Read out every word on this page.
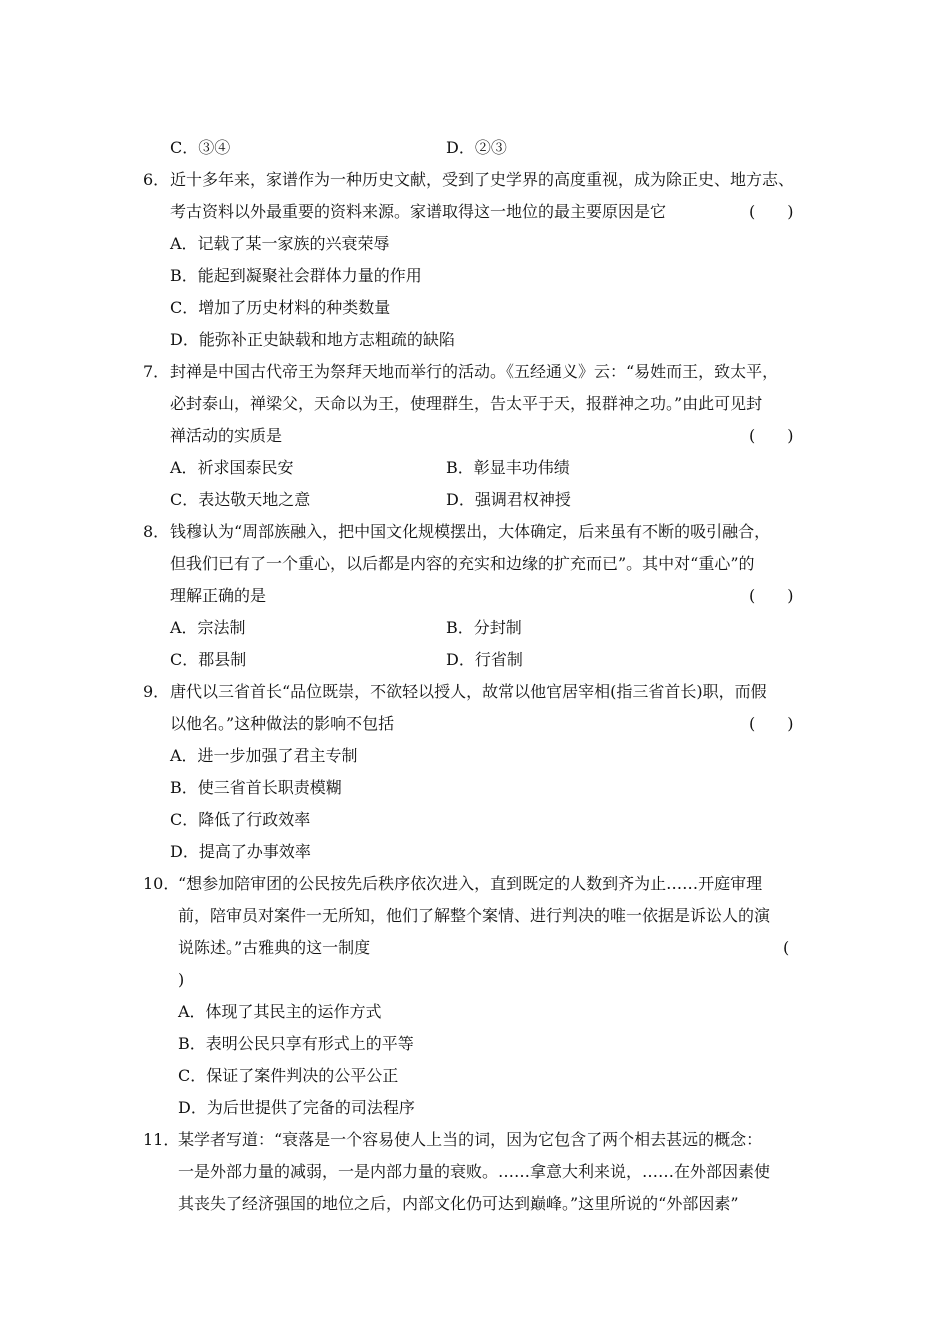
C．③④	D．②③
6． 近十多年来，家谱作为一种历史文献，受到了史学界的高度重视，成为除正史、地方志、
考古资料以外最重要的资料来源。家谱取得这一地位的最主要原因是它	(　　)
A．记载了某一家族的兴衰荣辱
B．能起到凝聚社会群体力量的作用
C．增加了历史材料的种类数量
D．能弥补正史缺载和地方志粗疏的缺陷
7． 封禅是中国古代帝王为祭拜天地而举行的活动。《五经通义》云：“易姓而王，致太平，
必封泰山，禅梁父，天命以为王，使理群生，告太平于天，报群神之功。”由此可见封
禅活动的实质是	(　　)
A．祈求国泰民安	B．彰显丰功伟绩
C．表达敬天地之意	D．强调君权神授
8． 钱穆认为“周部族融入，把中国文化规模摆出，大体确定，后来虽有不断的吸引融合，
但我们已有了一个重心，以后都是内容的充实和边缘的扩充而已”。其中对“重心”的
理解正确的是	(　　)
A．宗法制	B．分封制
C．郡县制	D．行省制
9． 唐代以三省首长“品位既崇，不欲轻以授人，故常以他官居宰相(指三省首长)职，而假
以他名。”这种做法的影响不包括	(　　)
A．进一步加强了君主专制
B．使三省首长职责模糊
C．降低了行政效率
D．提高了办事效率
10．
“想参加陪审团的公民按先后秩序依次进入，直到既定的人数到齐为止……开庭审理
前，陪审员对案件一无所知，他们了解整个案情、进行判决的唯一依据是诉讼人的演
说陈述。”古雅典的这一制度	(
)
A．体现了其民主的运作方式
B．表明公民只享有形式上的平等
C．保证了案件判决的公平公正
D．为后世提供了完备的司法程序
11．
某学者写道：“衰落是一个容易使人上当的词，因为它包含了两个相去甚远的概念：
一是外部力量的减弱，一是内部力量的衰败。……拿意大利来说，……在外部因素使
其丧失了经济强国的地位之后，内部文化仍可达到巅峰。”这里所说的“外部因素”
